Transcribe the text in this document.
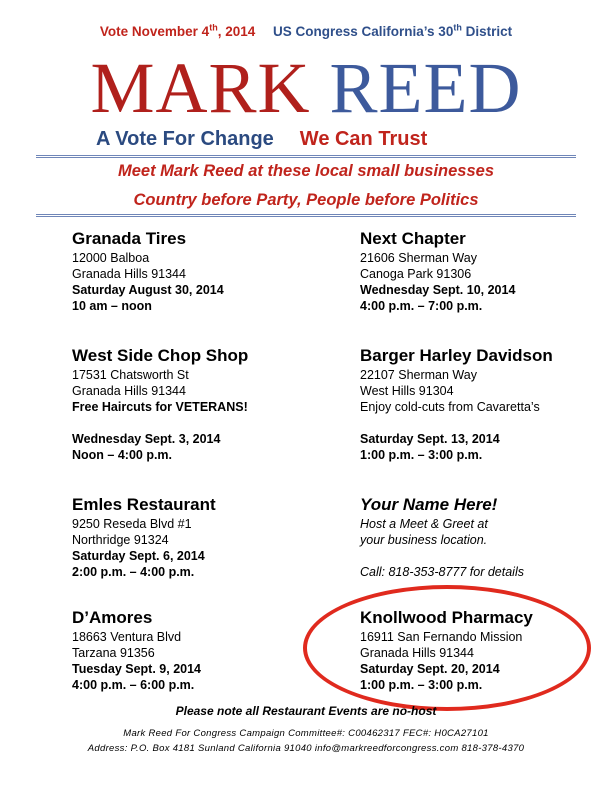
Vote November 4th, 2014 US Congress California’s 30th District
MARK REED
A Vote For Change We Can Trust
Meet Mark Reed at these local small businesses
Country before Party, People before Politics
Granada Tires
12000 Balboa
Granada Hills 91344
Saturday August 30, 2014
10 am – noon
West Side Chop Shop
17531 Chatsworth St
Granada Hills 91344
Free Haircuts for VETERANS!
Wednesday Sept. 3, 2014
Noon – 4:00 p.m.
Emles Restaurant
9250 Reseda Blvd #1
Northridge 91324
Saturday Sept. 6, 2014
2:00 p.m. – 4:00 p.m.
D’Amores
18663 Ventura Blvd
Tarzana 91356
Tuesday Sept. 9, 2014
4:00 p.m. – 6:00 p.m.
Next Chapter
21606 Sherman Way
Canoga Park 91306
Wednesday Sept. 10, 2014
4:00 p.m. – 7:00 p.m.
Barger Harley Davidson
22107 Sherman Way
West Hills 91304
Enjoy cold-cuts from Cavaretta’s
Saturday Sept. 13, 2014
1:00 p.m. – 3:00 p.m.
Your Name Here!
Host a Meet & Greet at
your business location.
Call: 818-353-8777 for details
Knollwood Pharmacy
16911 San Fernando Mission
Granada Hills 91344
Saturday Sept. 20, 2014
1:00 p.m. – 3:00 p.m.
Please note all Restaurant Events are no-host
Mark Reed For Congress Campaign Committee#: C00462317 FEC#: H0CA27101
Address: P.O. Box 4181 Sunland California 91040 info@markreedforcongress.com 818-378-4370
